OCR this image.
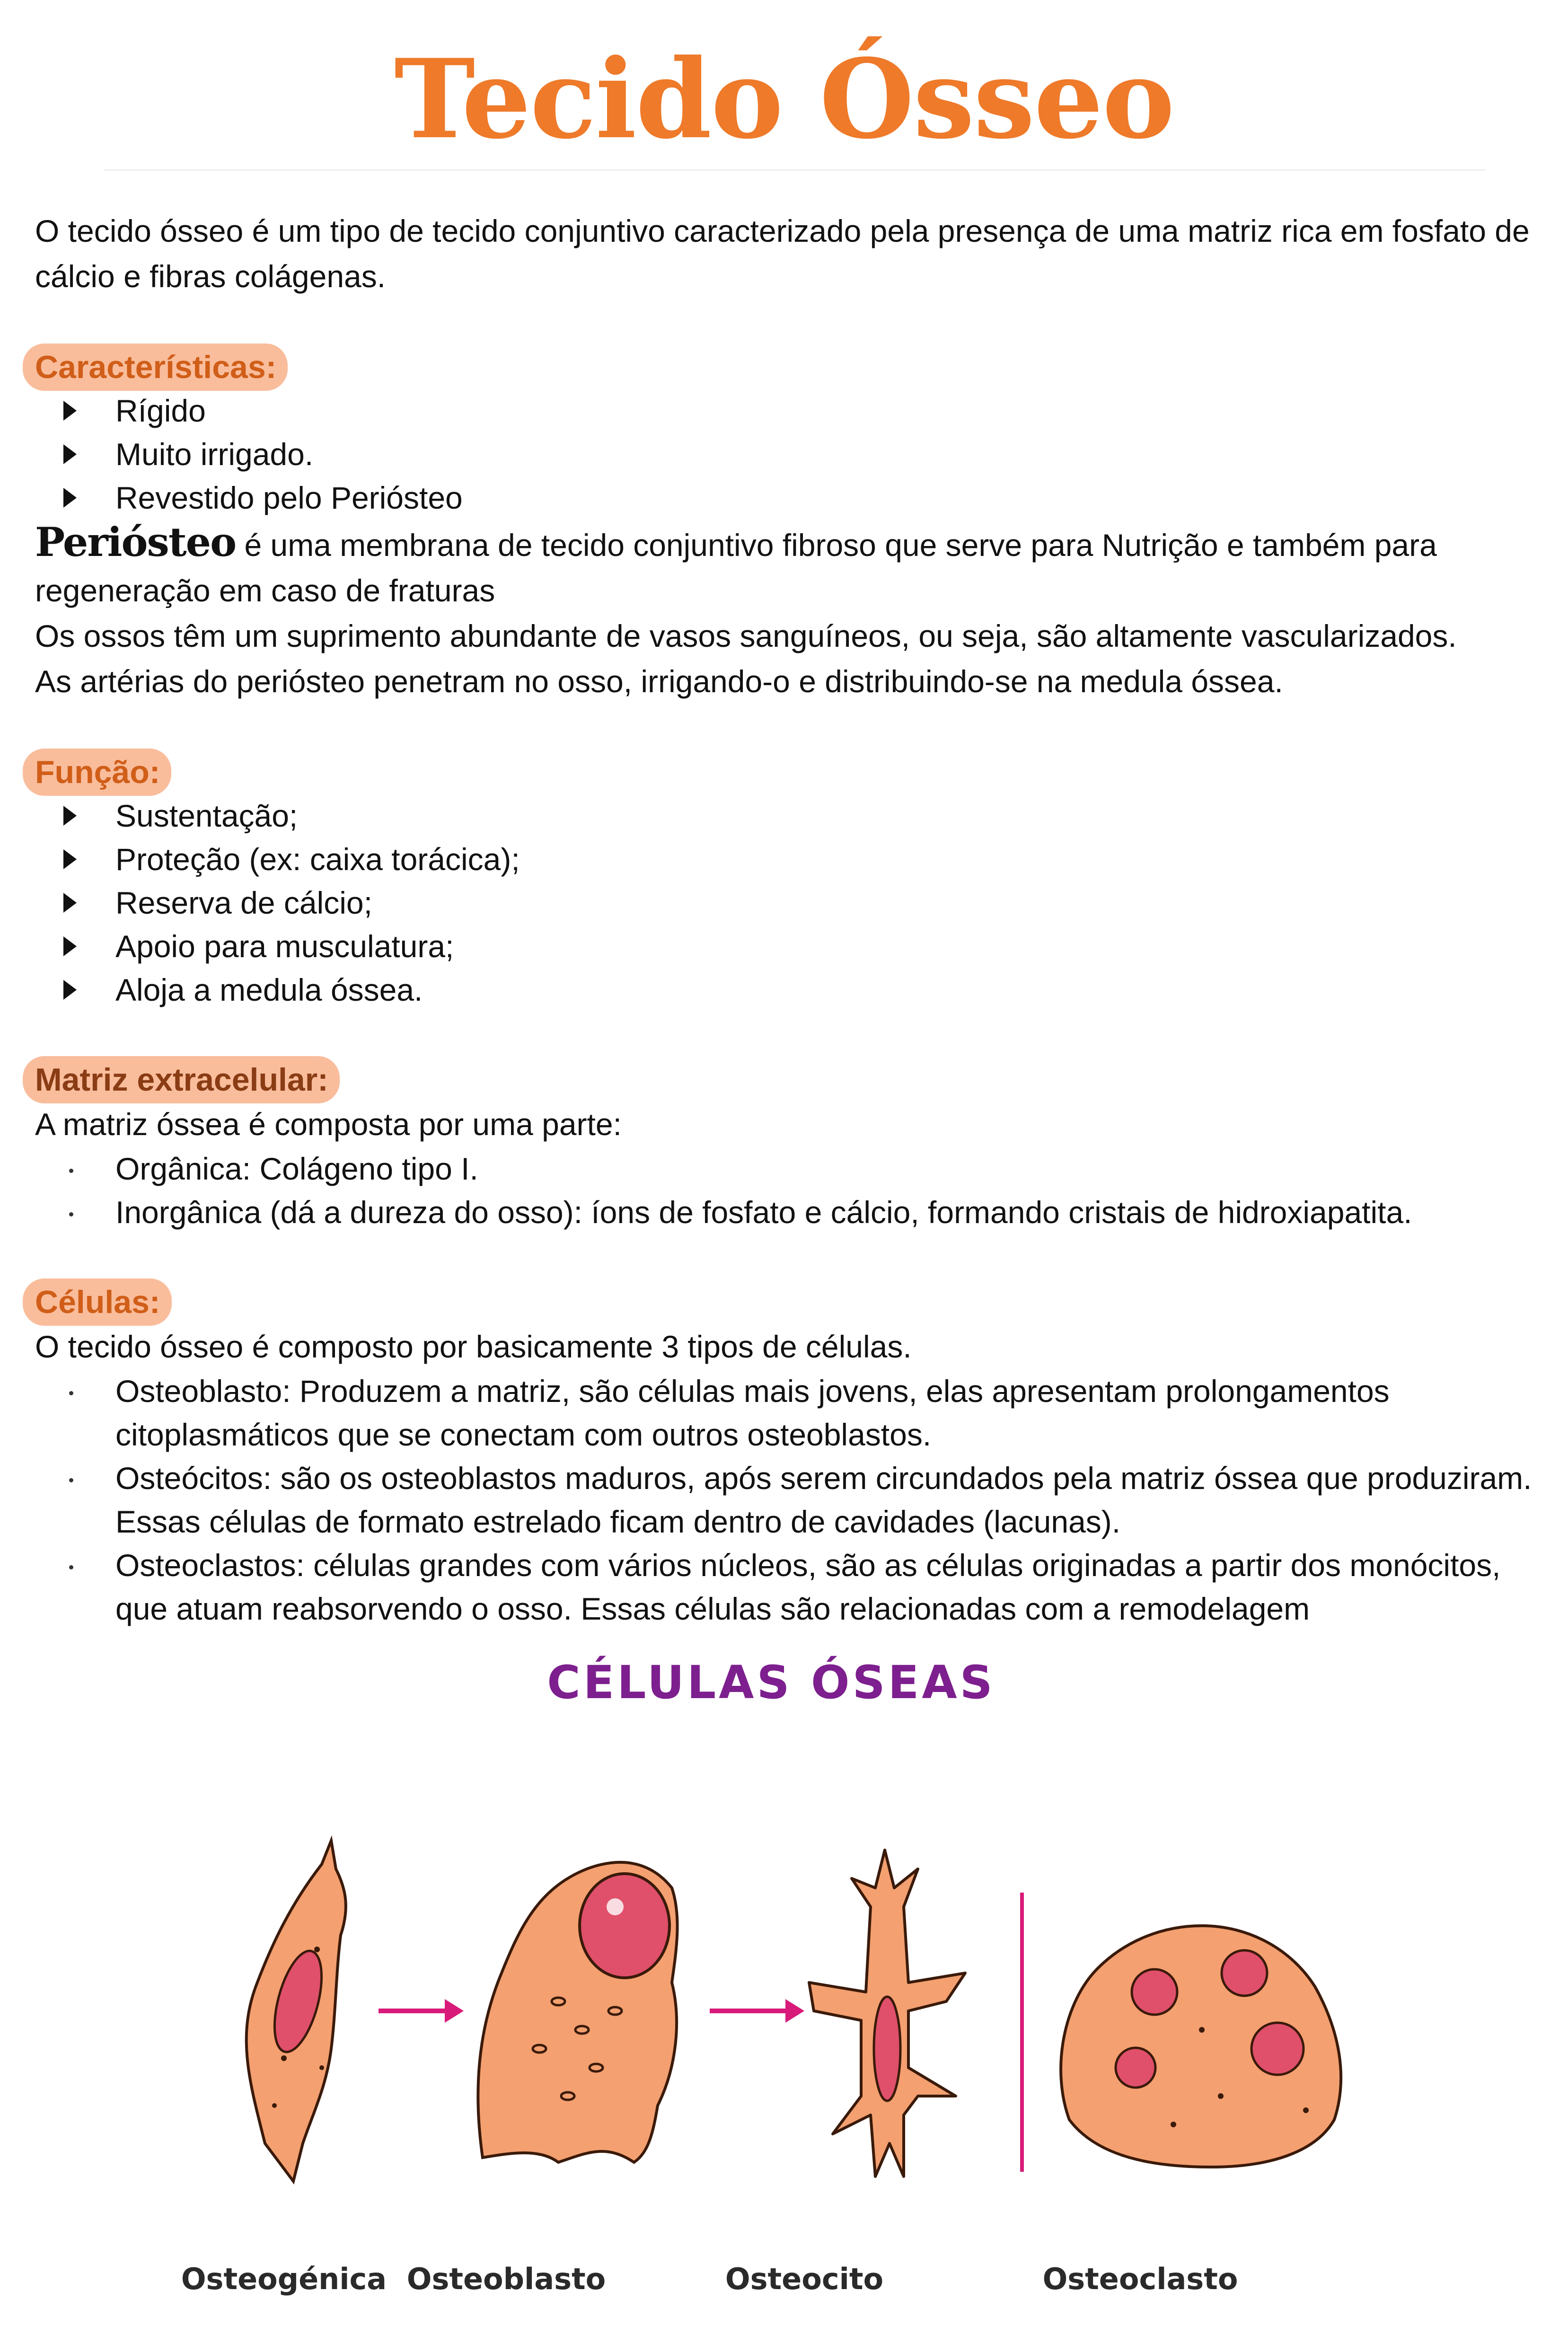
Tecido Ósseo

O tecido ósseo é um tipo de tecido conjuntivo caracterizado pela presença de uma matriz rica em fosfato de cálcio e fibras colágenas.

Características:
Rígido
Muito irrigado.
Revestido pelo Periósteo

Periósteo é uma membrana de tecido conjuntivo fibroso que serve para Nutrição e também para regeneração em caso de fraturas

Os ossos têm um suprimento abundante de vasos sanguíneos, ou seja, são altamente vascularizados.

As artérias do periósteo penetram no osso, irrigando-o e distribuindo-se na medula óssea.

Função:
Sustentação;
Proteção (ex: caixa torácica);
Reserva de cálcio;
Apoio para musculatura;
Aloja a medula óssea.
Matriz extracelular:

A matriz óssea é composta por uma parte:

Orgânica: Colágeno tipo I.
Inorgânica (dá a dureza do osso): íons de fosfato e cálcio, formando cristais de hidroxiapatita.
Células:

O tecido ósseo é composto por basicamente 3 tipos de células.

Osteoblasto: Produzem a matriz, são células mais jovens, elas apresentam prolongamentos citoplasmáticos que se conectam com outros osteoblastos.
Osteócitos: são os osteoblastos maduros, após serem circundados pela matriz óssea que produziram. Essas células de formato estrelado ficam dentro de cavidades (lacunas).
Osteoclastos: células grandes com vários núcleos, são as células originadas a partir dos monócitos, que atuam reabsorvendo o osso. Essas células são relacionadas com a remodelagem
CÉLULAS ÓSEAS
Osteogénica Osteoblasto	Osteocito	Osteoclasto
